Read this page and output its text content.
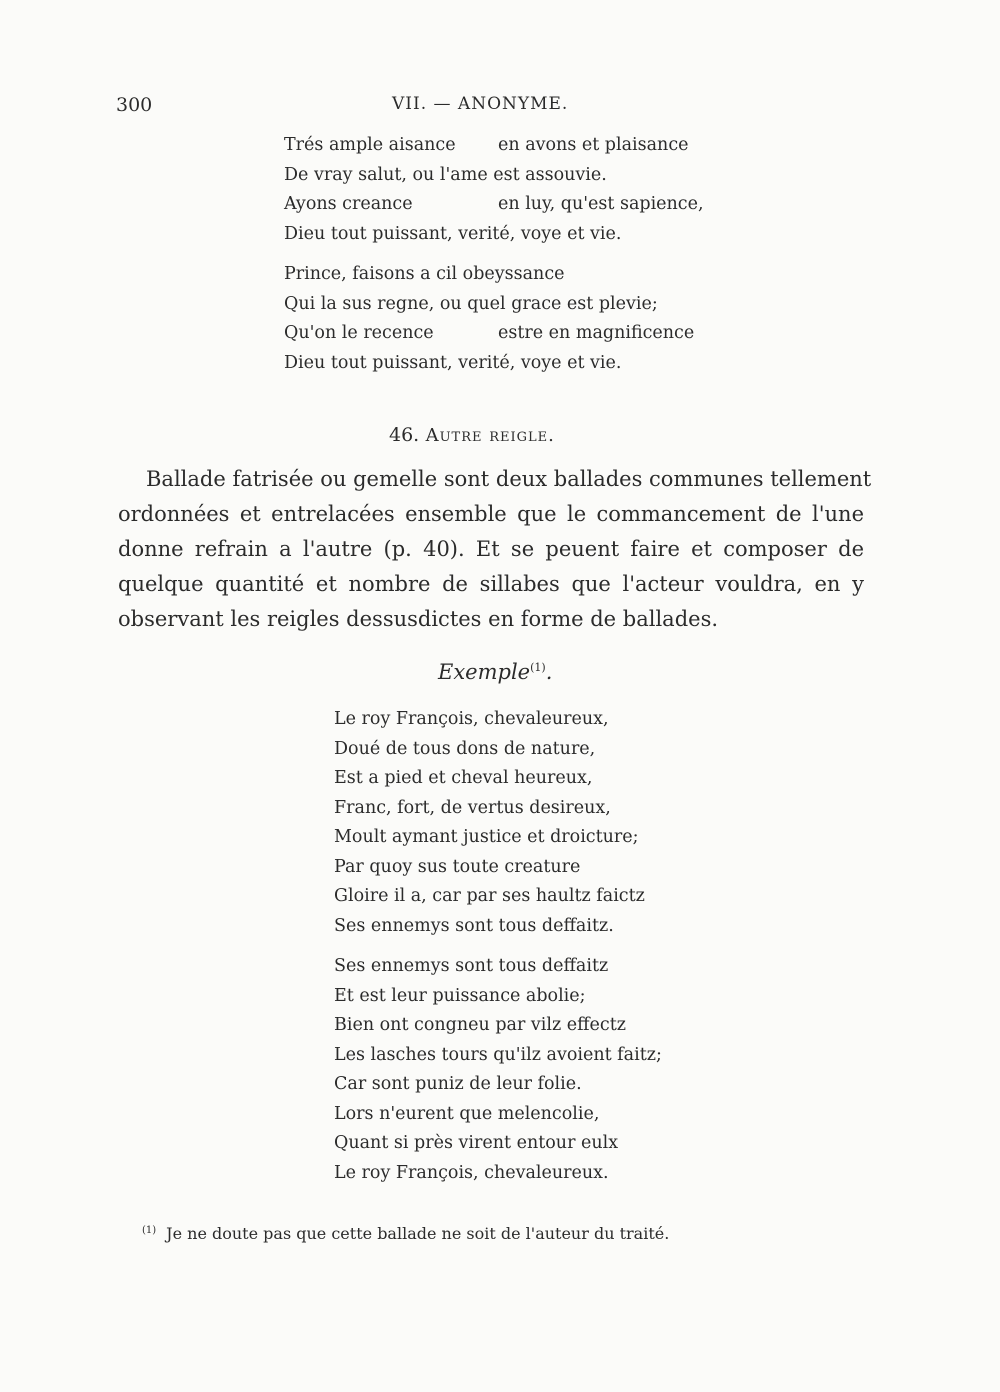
300	VII. — ANONYME.
Trés ample aisance en avons et plaisance
De vray salut, ou l'ame est assouvie.
Ayons creance	en luy, qu'est sapience,
Dieu tout puissant, verité, voye et vie.
Prince, faisons a cil obeyssance
Qui la sus regne, ou quel grace est plevie;
Qu'on le recence	estre en magnificence
Dieu tout puissant, verité, voye et vie.
46. Autre reigle.
Ballade fatrisée ou gemelle sont deux ballades communes tellement
ordonnées et entrelacées ensemble que le commancement de l'une
donne refrain a l'autre (p. 40). Et se peuent faire et composer de
quelque quantité et nombre de sillabes que l'acteur vouldra, en y
observant les reigles dessusdictes en forme de ballades.
Exemple$^{(1)}$.
Le roy François, chevaleureux,
Doué de tous dons de nature,
Est a pied et cheval heureux,
Franc, fort, de vertus desireux,
Moult aymant justice et droicture;
Par quoy sus toute creature
Gloire il a, car par ses haultz faictz
Ses ennemys sont tous deffaitz.
Ses ennemys sont tous deffaitz
Et est leur puissance abolie;
Bien ont congneu par vilz effectz
Les lasches tours qu'ilz avoient faitz;
Car sont puniz de leur folie.
Lors n'eurent que melencolie,
Quant si près virent entour eulx
Le roy François, chevaleureux.
$^{(1)}$ Je ne doute pas que cette ballade ne soit de l'auteur du traité.
